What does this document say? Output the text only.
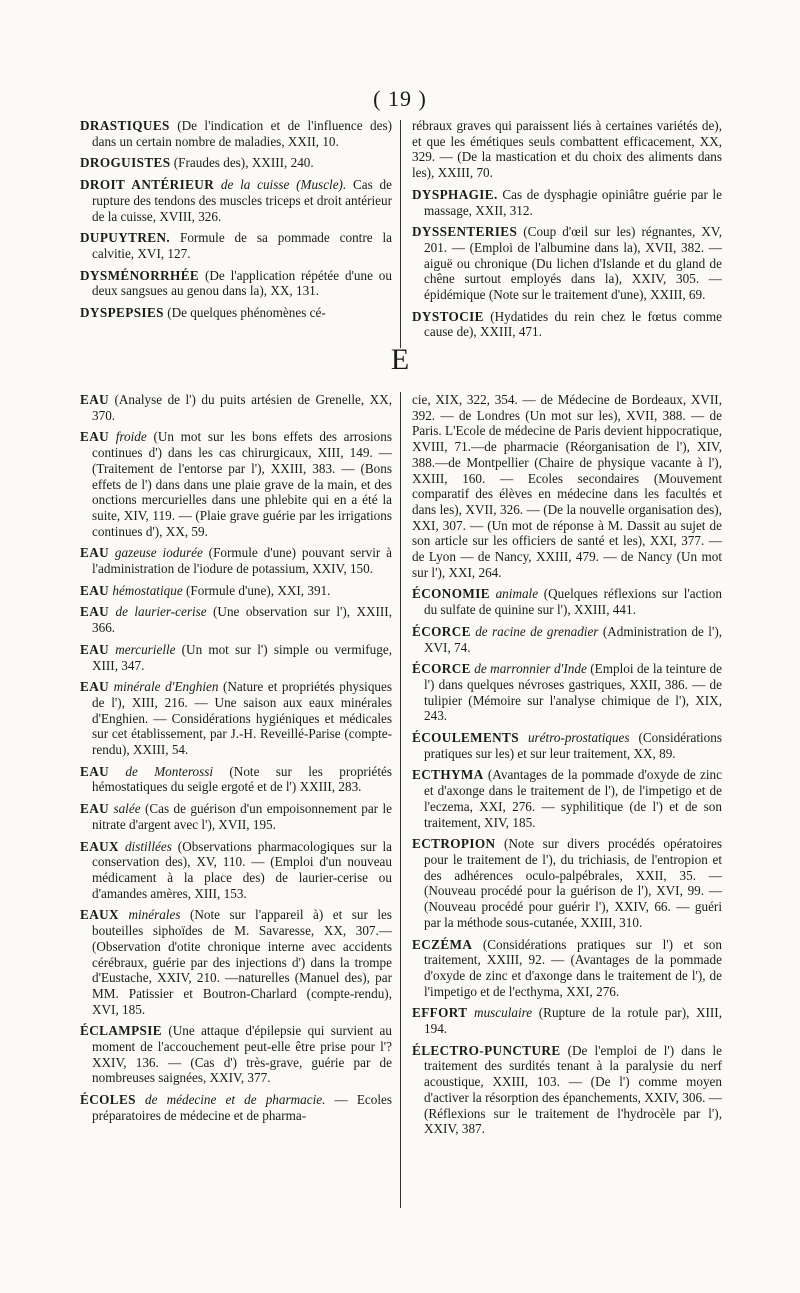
( 19 )

DRASTIQUES (De l'indication et de l'influence des) dans un certain nombre de maladies, XXII, 10.

DROGUISTES (Fraudes des), XXIII, 240.

DROIT ANTÉRIEUR de la cuisse (Muscle). Cas de rupture des tendons des muscles triceps et droit antérieur de la cuisse, XVIII, 326.

DUPUYTREN. Formule de sa pommade contre la calvitie, XVI, 127.

DYSMÉNORRHÉE (De l'application répétée d'une ou deux sangsues au genou dans la), XX, 131.

DYSPEPSIES (De quelques phénomènes cé-

rébraux graves qui paraissent liés à certaines variétés de), et que les émétiques seuls combattent efficacement, XX, 329. — (De la mastication et du choix des aliments dans les), XXIII, 70.

DYSPHAGIE. Cas de dysphagie opiniâtre guérie par le massage, XXII, 312.

DYSSENTERIES (Coup d'œil sur les) régnantes, XV, 201. — (Emploi de l'albumine dans la), XVII, 382. — aiguë ou chronique (Du lichen d'Islande et du gland de chêne surtout employés dans la), XXIV, 305. — épidémique (Note sur le traitement d'une), XXIII, 69.

DYSTOCIE (Hydatides du rein chez le fœtus comme cause de), XXIII, 471.

E

EAU (Analyse de l') du puits artésien de Grenelle, XX, 370.

EAU froide (Un mot sur les bons effets des arrosions continues d') dans les cas chirurgicaux, XIII, 149. — (Traitement de l'entorse par l'), XXIII, 383. — (Bons effets de l') dans dans une plaie grave de la main, et des onctions mercurielles dans une phlebite qui en a été la suite, XIV, 119. — (Plaie grave guérie par les irrigations continues d'), XX, 59.

EAU gazeuse iodurée (Formule d'une) pouvant servir à l'administration de l'iodure de potassium, XXIV, 150.

EAU hémostatique (Formule d'une), XXI, 391.

EAU de laurier-cerise (Une observation sur l'), XXIII, 366.

EAU mercurielle (Un mot sur l') simple ou vermifuge, XIII, 347.

EAU minérale d'Enghien (Nature et propriétés physiques de l'), XIII, 216. — Une saison aux eaux minérales d'Enghien. — Considérations hygiéniques et médicales sur cet établissement, par J.-H. Reveillé-Parise (compte-rendu), XXIII, 54.

EAU de Monterossi (Note sur les propriétés hémostatiques du seigle ergoté et de l') XXIII, 283.

EAU salée (Cas de guérison d'un empoisonnement par le nitrate d'argent avec l'), XVII, 195.

EAUX distillées (Observations pharmacologiques sur la conservation des), XV, 110. — (Emploi d'un nouveau médicament à la place des) de laurier-cerise ou d'amandes amères, XIII, 153.

EAUX minérales (Note sur l'appareil à) et sur les bouteilles siphoïdes de M. Savaresse, XX, 307.—(Observation d'otite chronique interne avec accidents cérébraux, guérie par des injections d') dans la trompe d'Eustache, XXIV, 210. —naturelles (Manuel des), par MM. Patissier et Boutron-Charlard (compte-rendu), XVI, 185.

ÉCLAMPSIE (Une attaque d'épilepsie qui survient au moment de l'accouchement peut-elle être prise pour l'? XXIV, 136. — (Cas d') très-grave, guérie par de nombreuses saignées, XXIV, 377.

ÉCOLES de médecine et de pharmacie. — Ecoles préparatoires de médecine et de pharma-

cie, XIX, 322, 354. — de Médecine de Bordeaux, XVII, 392. — de Londres (Un mot sur les), XVII, 388. — de Paris. L'Ecole de médecine de Paris devient hippocratique, XVIII, 71.—de pharmacie (Réorganisation de l'), XIV, 388.—de Montpellier (Chaire de physique vacante à l'), XXIII, 160. — Ecoles secondaires (Mouvement comparatif des élèves en médecine dans les facultés et dans les), XVII, 326. — (De la nouvelle organisation des), XXI, 307. — (Un mot de réponse à M. Dassit au sujet de son article sur les officiers de santé et les), XXI, 377. — de Lyon — de Nancy, XXIII, 479. — de Nancy (Un mot sur l'), XXI, 264.

ÉCONOMIE animale (Quelques réflexions sur l'action du sulfate de quinine sur l'), XXIII, 441.

ÉCORCE de racine de grenadier (Administration de l'), XVI, 74.

ÉCORCE de marronnier d'Inde (Emploi de la teinture de l') dans quelques névroses gastriques, XXII, 386. — de tulipier (Mémoire sur l'analyse chimique de l'), XIX, 243.

ÉCOULEMENTS urétro-prostatiques (Considérations pratiques sur les) et sur leur traitement, XX, 89.

ECTHYMA (Avantages de la pommade d'oxyde de zinc et d'axonge dans le traitement de l'), de l'impetigo et de l'eczema, XXI, 276. — syphilitique (de l') et de son traitement, XIV, 185.

ECTROPION (Note sur divers procédés opératoires pour le traitement de l'), du trichiasis, de l'entropion et des adhérences oculo-palpébrales, XXII, 35. — (Nouveau procédé pour la guérison de l'), XVI, 99. — (Nouveau procédé pour guérir l'), XXIV, 66. — guéri par la méthode sous-cutanée, XXIII, 310.

ECZÉMA (Considérations pratiques sur l') et son traitement, XXIII, 92. — (Avantages de la pommade d'oxyde de zinc et d'axonge dans le traitement de l'), de l'impetigo et de l'ecthyma, XXI, 276.

EFFORT musculaire (Rupture de la rotule par), XIII, 194.

ÉLECTRO-PUNCTURE (De l'emploi de l') dans le traitement des surdités tenant à la paralysie du nerf acoustique, XXIII, 103. — (De l') comme moyen d'activer la résorption des épanchements, XXIV, 306. — (Réflexions sur le traitement de l'hydrocèle par l'), XXIV, 387.
